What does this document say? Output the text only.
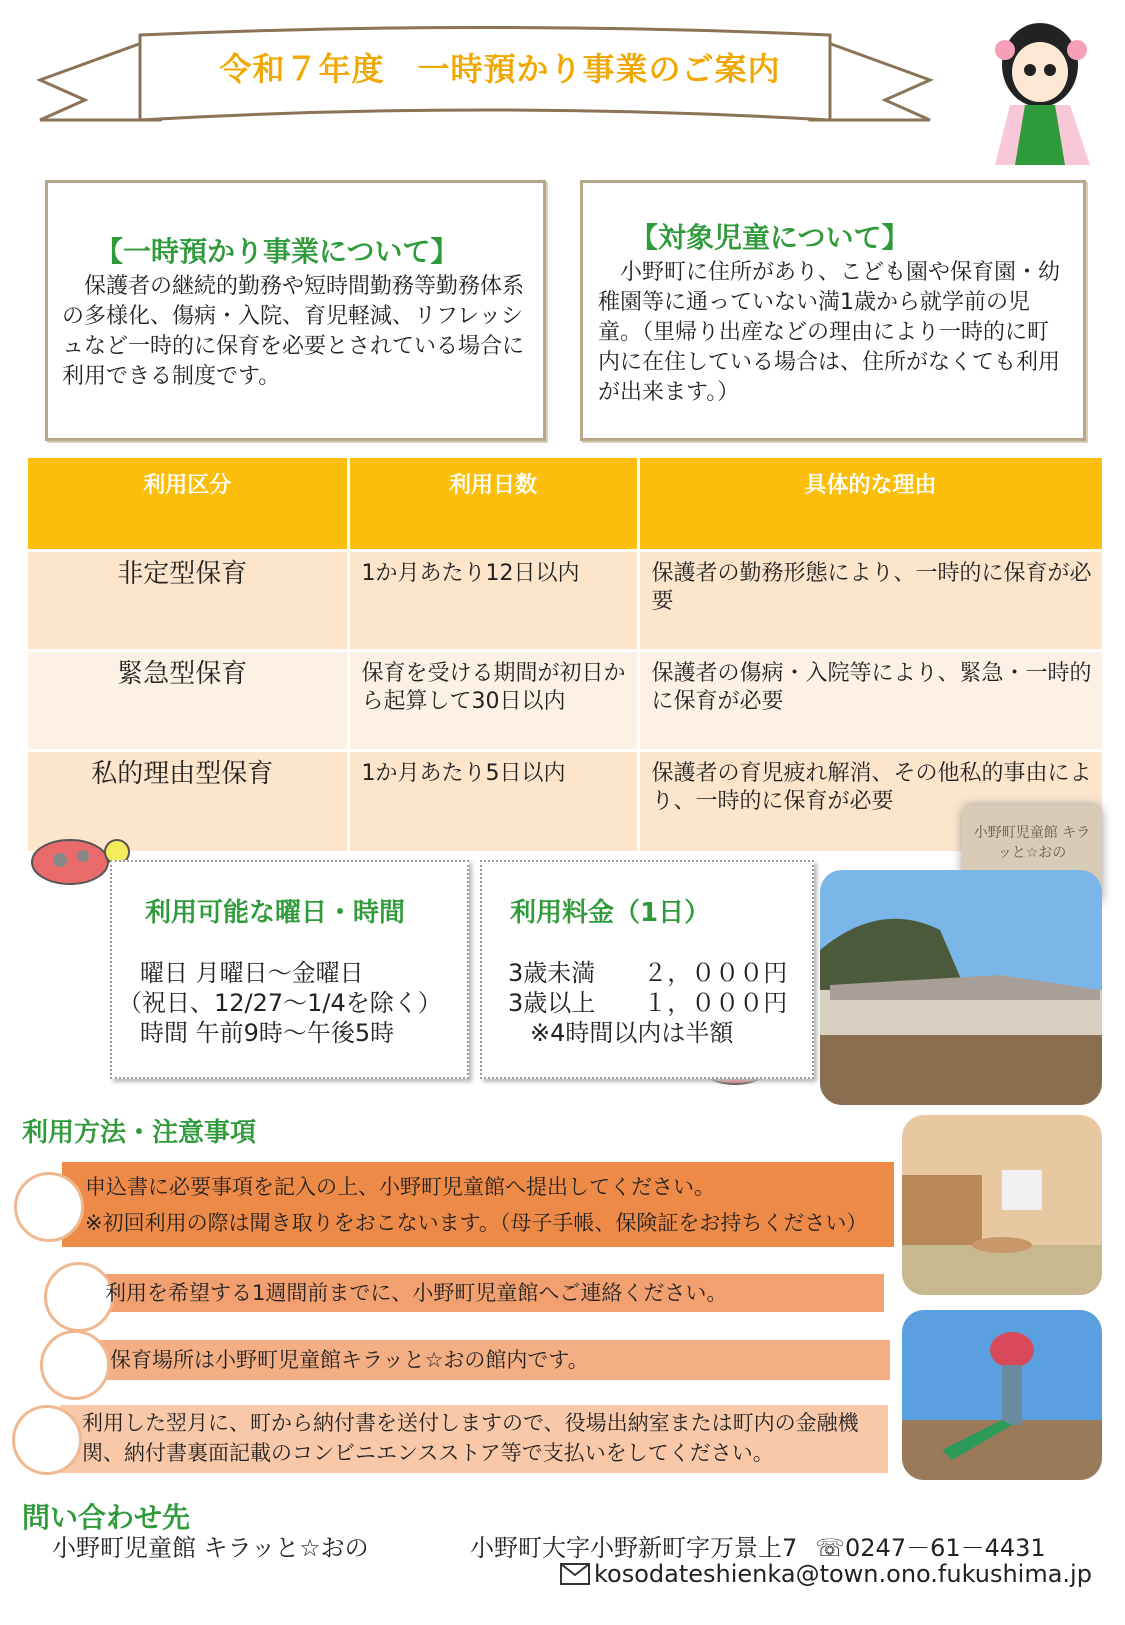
令和７年度　一時預かり事業のご案内
【一時預かり事業について】
保護者の継続的勤務や短時間勤務等勤務体系の多様化、傷病・入院、育児軽減、リフレッシュなど一時的に保育を必要とされている場合に利用できる制度です。
【対象児童について】
小野町に住所があり、こども園や保育園・幼稚園等に通っていない満1歳から就学前の児童。（里帰り出産などの理由により一時的に町内に在住している場合は、住所がなくても利用が出来ます。）
利用区分	利用日数	具体的な理由
非定型保育	1か月あたり12日以内	保護者の勤務形態により、一時的に保育が必要
緊急型保育	保育を受ける期間が初日から起算して30日以内	保護者の傷病・入院等により、緊急・一時的に保育が必要
私的理由型保育	1か月あたり5日以内	保護者の育児疲れ解消、その他私的事由により、一時的に保育が必要
利用可能な曜日・時間
曜日 月曜日～金曜日
（祝日、12/27～1/4を除く）
時間 午前9時～午後5時
利用料金（1日）
3歳未満　　２，０００円
3歳以上　　１，０００円
※4時間以内は半額
小野町児童館 キラッと☆おの
利用方法・注意事項
申込書に必要事項を記入の上、小野町児童館へ提出してください。
※初回利用の際は聞き取りをおこないます。（母子手帳、保険証をお持ちください）
利用を希望する1週間前までに、小野町児童館へご連絡ください。
保育場所は小野町児童館キラッと☆おの館内です。
利用した翌月に、町から納付書を送付しますので、役場出納室または町内の金融機関、納付書裏面記載のコンビニエンスストア等で支払いをしてください。
問い合わせ先
小野町児童館 キラッと☆おの	小野町大字小野新町字万景上7 ☏0247－61－4431
kosodateshienka@town.ono.fukushima.jp
